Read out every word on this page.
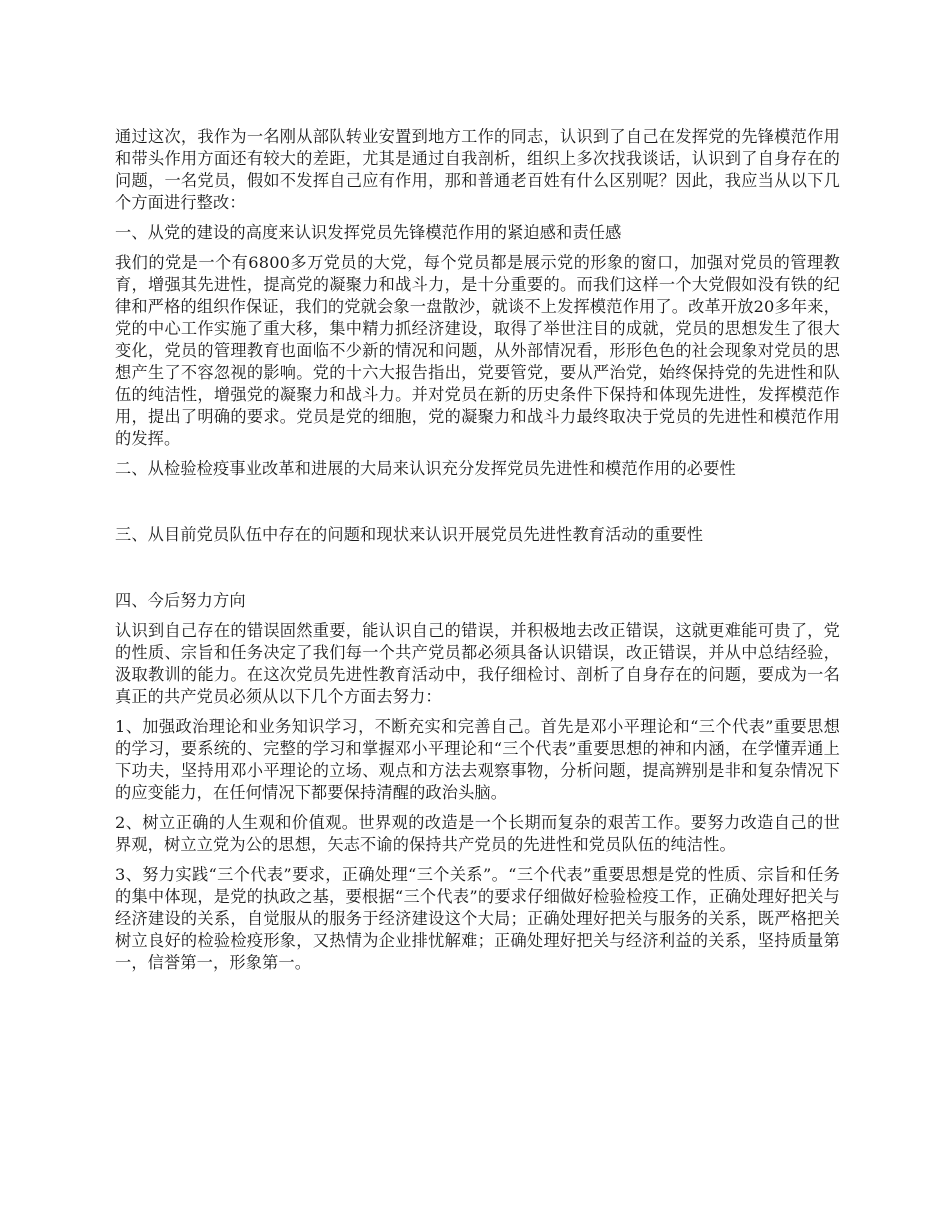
通过这次，我作为一名刚从部队转业安置到地方工作的同志，认识到了自己在发挥党的先锋模范作用和带头作用方面还有较大的差距，尤其是通过自我剖析，组织上多次找我谈话，认识到了自身存在的问题，一名党员，假如不发挥自己应有作用，那和普通老百姓有什么区别呢？因此，我应当从以下几个方面进行整改：

一、从党的建设的高度来认识发挥党员先锋模范作用的紧迫感和责任感

我们的党是一个有6800多万党员的大党，每个党员都是展示党的形象的窗口，加强对党员的管理教育，增强其先进性，提高党的凝聚力和战斗力，是十分重要的。而我们这样一个大党假如没有铁的纪律和严格的组织作保证，我们的党就会象一盘散沙，就谈不上发挥模范作用了。改革开放20多年来，党的中心工作实施了重大移，集中精力抓经济建设，取得了举世注目的成就，党员的思想发生了很大变化，党员的管理教育也面临不少新的情况和问题，从外部情况看，形形色色的社会现象对党员的思想产生了不容忽视的影响。党的十六大报告指出，党要管党，要从严治党，始终保持党的先进性和队伍的纯洁性，增强党的凝聚力和战斗力。并对党员在新的历史条件下保持和体现先进性，发挥模范作用，提出了明确的要求。党员是党的细胞，党的凝聚力和战斗力最终取决于党员的先进性和模范作用的发挥。

二、从检验检疫事业改革和进展的大局来认识充分发挥党员先进性和模范作用的必要性

三、从目前党员队伍中存在的问题和现状来认识开展党员先进性教育活动的重要性

四、今后努力方向

认识到自己存在的错误固然重要，能认识自己的错误，并积极地去改正错误，这就更难能可贵了，党的性质、宗旨和任务决定了我们每一个共产党员都必须具备认识错误，改正错误，并从中总结经验，汲取教训的能力。在这次党员先进性教育活动中，我仔细检讨、剖析了自身存在的问题，要成为一名真正的共产党员必须从以下几个方面去努力：

1、加强政治理论和业务知识学习，不断充实和完善自己。首先是邓小平理论和“三个代表”重要思想的学习，要系统的、完整的学习和掌握邓小平理论和“三个代表”重要思想的神和内涵，在学懂弄通上下功夫，坚持用邓小平理论的立场、观点和方法去观察事物，分析问题，提高辨别是非和复杂情况下的应变能力，在任何情况下都要保持清醒的政治头脑。

2、树立正确的人生观和价值观。世界观的改造是一个长期而复杂的艰苦工作。要努力改造自己的世界观，树立立党为公的思想，矢志不谕的保持共产党员的先进性和党员队伍的纯洁性。

3、努力实践“三个代表”要求，正确处理“三个关系”。“三个代表”重要思想是党的性质、宗旨和任务的集中体现，是党的执政之基，要根据“三个代表”的要求仔细做好检验检疫工作，正确处理好把关与经济建设的关系，自觉服从的服务于经济建设这个大局；正确处理好把关与服务的关系，既严格把关树立良好的检验检疫形象，又热情为企业排忧解难；正确处理好把关与经济利益的关系，坚持质量第一，信誉第一，形象第一。
